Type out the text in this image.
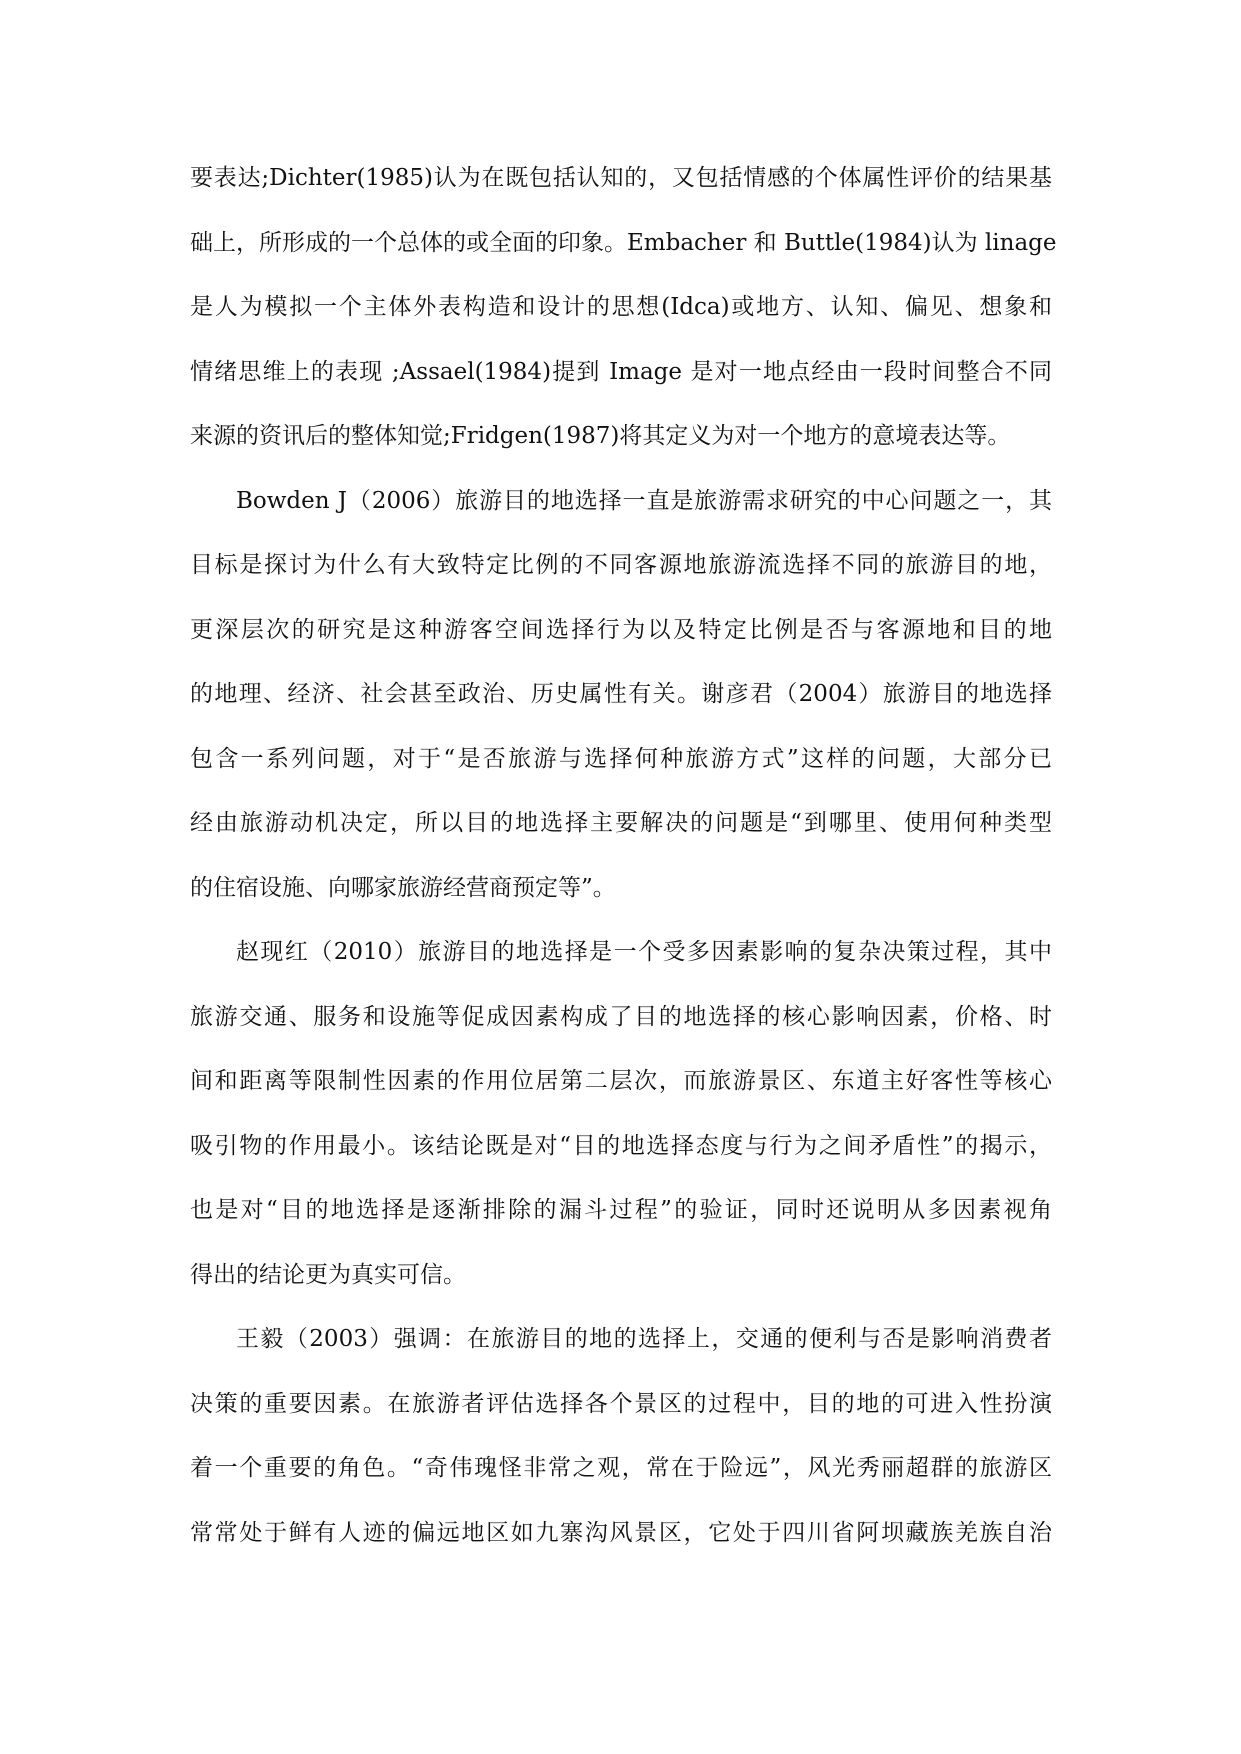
要表达;Dichter(1985)认为在既包括认知的，又包括情感的个体属性评价的结果基
础上，所形成的一个总体的或全面的印象。Embacher 和 Buttle(1984)认为 linage
是人为模拟一个主体外表构造和设计的思想(Idca)或地方、认知、偏见、想象和
情绪思维上的表现 ;Assael(1984)提到 Image 是对一地点经由一段时间整合不同
来源的资讯后的整体知觉;Fridgen(1987)将其定义为对一个地方的意境表达等。
Bowden J（2006）旅游目的地选择一直是旅游需求研究的中心问题之一，其
目标是探讨为什么有大致特定比例的不同客源地旅游流选择不同的旅游目的地，
更深层次的研究是这种游客空间选择行为以及特定比例是否与客源地和目的地
的地理、经济、社会甚至政治、历史属性有关。谢彦君（2004）旅游目的地选择
包含一系列问题，对于“是否旅游与选择何种旅游方式”这样的问题，大部分已
经由旅游动机决定，所以目的地选择主要解决的问题是“到哪里、使用何种类型
的住宿设施、向哪家旅游经营商预定等”。
赵现红（2010）旅游目的地选择是一个受多因素影响的复杂决策过程，其中
旅游交通、服务和设施等促成因素构成了目的地选择的核心影响因素，价格、时
间和距离等限制性因素的作用位居第二层次，而旅游景区、东道主好客性等核心
吸引物的作用最小。该结论既是对“目的地选择态度与行为之间矛盾性”的揭示，
也是对“目的地选择是逐渐排除的漏斗过程”的验证，同时还说明从多因素视角
得出的结论更为真实可信。
王毅（2003）强调：在旅游目的地的选择上，交通的便利与否是影响消费者
决策的重要因素。在旅游者评估选择各个景区的过程中，目的地的可进入性扮演
着一个重要的角色。“奇伟瑰怪非常之观，常在于险远”，风光秀丽超群的旅游区
常常处于鲜有人迹的偏远地区如九寨沟风景区，它处于四川省阿坝藏族羌族自治
